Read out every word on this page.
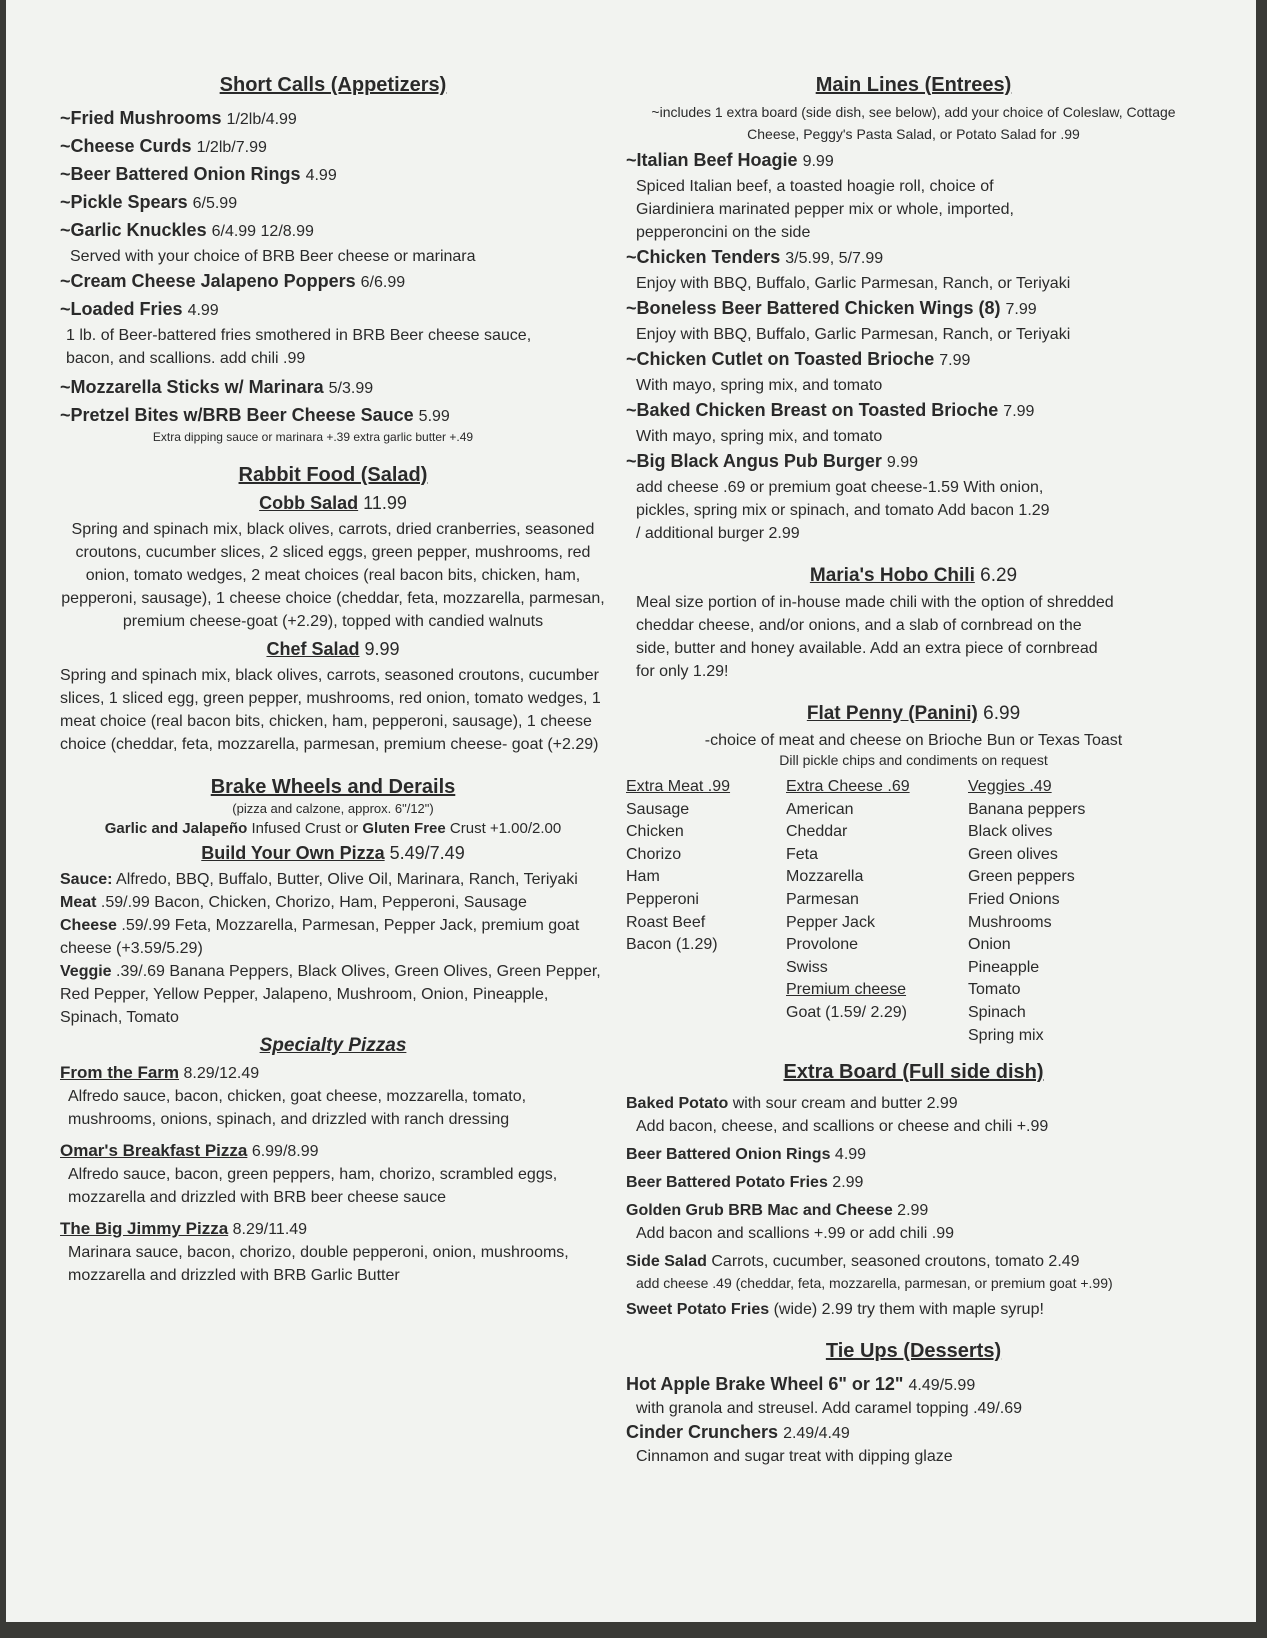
Short Calls (Appetizers)
~Fried Mushrooms 1/2lb/4.99
~Cheese Curds 1/2lb/7.99
~Beer Battered Onion Rings 4.99
~Pickle Spears 6/5.99
~Garlic Knuckles 6/4.99 12/8.99
Served with your choice of BRB Beer cheese or marinara
~Cream Cheese Jalapeno Poppers 6/6.99
~Loaded Fries 4.99
1 lb. of Beer-battered fries smothered in BRB Beer cheese sauce, bacon, and scallions. add chili .99
~Mozzarella Sticks w/ Marinara 5/3.99
~Pretzel Bites w/BRB Beer Cheese Sauce 5.99
Extra dipping sauce or marinara +.39 extra garlic butter +.49
Rabbit Food (Salad)
Cobb Salad 11.99
Spring and spinach mix, black olives, carrots, dried cranberries, seasoned croutons, cucumber slices, 2 sliced eggs, green pepper, mushrooms, red onion, tomato wedges, 2 meat choices (real bacon bits, chicken, ham, pepperoni, sausage), 1 cheese choice (cheddar, feta, mozzarella, parmesan, premium cheese-goat (+2.29), topped with candied walnuts
Chef Salad 9.99
Spring and spinach mix, black olives, carrots, seasoned croutons, cucumber slices, 1 sliced egg, green pepper, mushrooms, red onion, tomato wedges, 1 meat choice (real bacon bits, chicken, ham, pepperoni, sausage), 1 cheese choice (cheddar, feta, mozzarella, parmesan, premium cheese- goat (+2.29)
Brake Wheels and Derails
(pizza and calzone, approx. 6"/12")
Garlic and Jalapeño Infused Crust or Gluten Free Crust +1.00/2.00
Build Your Own Pizza 5.49/7.49
Sauce: Alfredo, BBQ, Buffalo, Butter, Olive Oil, Marinara, Ranch, Teriyaki
Meat .59/.99 Bacon, Chicken, Chorizo, Ham, Pepperoni, Sausage
Cheese .59/.99 Feta, Mozzarella, Parmesan, Pepper Jack, premium goat cheese (+3.59/5.29)
Veggie .39/.69 Banana Peppers, Black Olives, Green Olives, Green Pepper, Red Pepper, Yellow Pepper, Jalapeno, Mushroom, Onion, Pineapple, Spinach, Tomato
Specialty Pizzas
From the Farm 8.29/12.49
Alfredo sauce, bacon, chicken, goat cheese, mozzarella, tomato, mushrooms, onions, spinach, and drizzled with ranch dressing
Omar's Breakfast Pizza 6.99/8.99
Alfredo sauce, bacon, green peppers, ham, chorizo, scrambled eggs, mozzarella and drizzled with BRB beer cheese sauce
The Big Jimmy Pizza 8.29/11.49
Marinara sauce, bacon, chorizo, double pepperoni, onion, mushrooms, mozzarella and drizzled with BRB Garlic Butter
Main Lines (Entrees)
~includes 1 extra board (side dish, see below), add your choice of Coleslaw, Cottage Cheese, Peggy's Pasta Salad, or Potato Salad for .99
~Italian Beef Hoagie 9.99
Spiced Italian beef, a toasted hoagie roll, choice of Giardiniera marinated pepper mix or whole, imported, pepperoncini on the side
~Chicken Tenders 3/5.99, 5/7.99
Enjoy with BBQ, Buffalo, Garlic Parmesan, Ranch, or Teriyaki
~Boneless Beer Battered Chicken Wings (8) 7.99
Enjoy with BBQ, Buffalo, Garlic Parmesan, Ranch, or Teriyaki
~Chicken Cutlet on Toasted Brioche 7.99
With mayo, spring mix, and tomato
~Baked Chicken Breast on Toasted Brioche 7.99
With mayo, spring mix, and tomato
~Big Black Angus Pub Burger 9.99
add cheese .69 or premium goat cheese-1.59 With onion, pickles, spring mix or spinach, and tomato Add bacon 1.29 / additional burger 2.99
Maria's Hobo Chili 6.29
Meal size portion of in-house made chili with the option of shredded cheddar cheese, and/or onions, and a slab of cornbread on the side, butter and honey available. Add an extra piece of cornbread for only 1.29!
Flat Penny (Panini) 6.99
-choice of meat and cheese on Brioche Bun or Texas Toast
Dill pickle chips and condiments on request
Extra Meat .99
Sausage
Chicken
Chorizo
Ham
Pepperoni
Roast Beef
Bacon (1.29)
Extra Cheese .69
American
Cheddar
Feta
Mozzarella
Parmesan
Pepper Jack
Provolone
Swiss
Premium cheese
Goat (1.59/ 2.29)
Veggies .49
Banana peppers
Black olives
Green olives
Green peppers
Fried Onions
Mushrooms
Onion
Pineapple
Tomato
Spinach
Spring mix
Extra Board (Full side dish)
Baked Potato with sour cream and butter 2.99
Add bacon, cheese, and scallions or cheese and chili +.99
Beer Battered Onion Rings 4.99
Beer Battered Potato Fries 2.99
Golden Grub BRB Mac and Cheese 2.99
Add bacon and scallions +.99 or add chili .99
Side Salad Carrots, cucumber, seasoned croutons, tomato 2.49
add cheese .49 (cheddar, feta, mozzarella, parmesan, or premium goat +.99)
Sweet Potato Fries (wide) 2.99 try them with maple syrup!
Tie Ups (Desserts)
Hot Apple Brake Wheel 6" or 12" 4.49/5.99
with granola and streusel. Add caramel topping .49/.69
Cinder Crunchers 2.49/4.49
Cinnamon and sugar treat with dipping glaze
